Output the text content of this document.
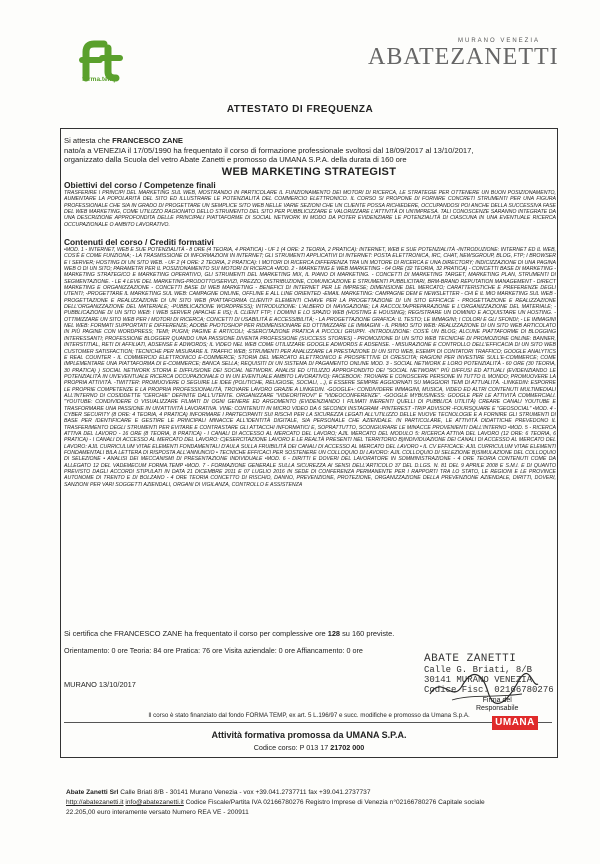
forma.temp
MURANO VENEZIA
ABATEZANETTI
ATTESTATO DI FREQUENZA
Si attesta che FRANCESCO ZANE
nato/a a VENEZIA il 17/05/1990 ha frequentato il corso di formazione professionale svoltosi dal 18/09/2017 al 13/10/2017,
organizzato dalla Scuola del vetro Abate Zanetti e promosso da UMANA S.P.A. della durata di 160 ore
WEB MARKETING STRATEGIST
Obiettivi del corso / Competenze finali
TRASFERIRE I PRINCIPI DEL MARKETING SUL WEB, MOSTRANDO IN PARTICOLARE IL FUNZIONAMENTO DEI MOTORI DI RICERCA, LE STRATEGIE PER OTTENERE UN BUON POSIZIONAMENTO, AUMENTARE LA POPOLARITÀ DEL SITO ED ILLUSTRARE LE POTENZIALITÀ DEL COMMERCIO ELETTRONICO. IL CORSO SI PROPONE DI FORNIRE CONCRETI STRUMENTI PER UNA FIGURA PROFESSIONALE CHE SIA IN GRADO DI PROGETTARE UN SEMPLICE SITO WEB NELLE VARIE SEZIONI CHE UN CLIENTE POSSA RICHIEDERE, OCCUPANDOSI POI ANCHE DELLA SUCCESSIVA FASE DEL WEB MARKETING, COME UTILIZZO RAGIONATO DELLO STRUMENTO DEL SITO PER PUBBLICIZZARE E VALORIZZARE L'ATTIVITÀ DI UN'IMPRESA. TALI CONOSCENZE SARANNO INTEGRATE DA UNA DESCRIZIONE APPROFONDITA DELLE PRINCIPALI PIATTAFORME DI SOCIAL NETWORK IN MODO DA POTER EVIDENZIARE LE POTENZIALITÀ DI CIASCUNA IN UNA EVENTUALE RICERCA OCCUPAZIONALE O AMBITO LAVORATIVO.
Contenuti del corso / Crediti formativi
•MOD. 1 - INTERNET, WEB E SUE POTENZIALITÀ - 8 ORE (4 TEORIA, 4 PRATICA) - UF 1 (4 ORE: 2 TEORIA, 2 PRATICA): INTERNET, WEB E SUE POTENZIALITÀ -INTRODUZIONE: INTERNET ED IL WEB, COS'È E COME FUNZIONA; - LA TRASMISSIONE DI INFORMAZIONI IN INTERNET; GLI STRUMENTI APPLICATIVI DI INTERNET: POSTA ELETTRONICA, IRC, CHAT, NEWSGROUP, BLOG, FTP; I BROWSER E I SERVER; HOSTING DI UN SITO WEB. - UF 2 (4 ORE: 2 TEORIA, 2 PRATICA): I MOTORI DI RICERCA DIFFERENZA TRA UN MOTORE DI RICERCA E UNA DIRECTORY; INDICIZZAZIONE DI UNA PAGINA WEB O DI UN SITO; PARAMETRI PER IL POSIZIONAMENTO SUI MOTORI DI RICERCA •MOD. 2 - MARKETING E WEB MARKETING - 64 ORE (32 TEORIA, 32 PRATICA) - CONCETTI BASE DI MARKETING - MARKETING STRATEGICO E MARKETING OPERATIVO, GLI STRUMENTI DEL MARKETING MIX, IL PIANO DI MARKETING. - CONCETTI DI MARKETING TARGET, MARKETING PLAN, STRUMENTI DI SEGMENTAZIONE. - LE 4 LEVE DEL MARKETING-PRODOTTO/SERVIZI, PREZZO, DISTRIBUZIONE, COMUNICAZIONE E STRUMENTI PUBBLICITARI, BRM-BRAND REPUTATION MANAGEMENT - DIRECT MARKETING E ORGANIZZAZIONE - CONCETTI BASE DI WEB MARKETING - BENEFICI DI INTERNET PER LE IMPRESE; DIMENSIONE DEL MERCATO; CARATTERISTICHE E PREFERENZE DEGLI UTENTI; -PROGETTARE IL MARKETING SUL WEB: CAMPAGNE ONLINE, OFFLINE E ALL LINE ORIENTED -EMAIL MARKETING: CAMPAGNE DEM E NEWSLETTER - CHI È IL MIO MARKETING SUL WEB - PROGETTAZIONE E REALIZZAZIONE DI UN SITO WEB (PIATTAFORMA CLIENTI? ELEMENTI CHIAVE PER LA PROGETTAZIONE DI UN SITO EFFICACE - PROGETTAZIONE E REALIZZAZIONE DELL'ORGANIZZAZIONE DEL MATERIALE; -PUBBLICAZIONE WORDPRESS); INTRODUZIONE: L'ALBERO DI NAVIGAZIONE; LA RACCOLTA/PREPARAZIONE E L'ORGANIZZAZIONE DEL MATERIALE; -PUBBLICAZIONE DI UN SITO WEB: I WEB SERVER (APACHE E IIS); IL CLIENT FTP; I DOMINI E LO SPAZIO WEB (HOSTING E HOUSING); REGISTRARE UN DOMINIO E ACQUISTARE UN HOSTING. - OTTIMIZZARE UN SITO WEB PER I MOTORI DI RICERCA; CONCETTI DI USABILITÀ E ACCESSIBILITÀ; - LA PROGETTAZIONE GRAFICA: IL TESTO; LE IMMAGINI; I COLORI E GLI SFONDI; - LE IMMAGINI NEL WEB: FORMATI SUPPORTATI E DIFFERENZE; ADOBE PHOTOSHOP PER RIDIMENSIONARE ED OTTIMIZZARE LE IMMAGINI - IL PRIMO SITO WEB: REALIZZAZIONE DI UN SITO WEB ARTICOLATO IN PIÙ PAGINE CON WORDPRESS; TEMI; PUGNI; PAGINE E ARTICOLI; -ESERCITAZIONE PRATICA A PICCOLI GRUPPI. -INTRODUZIONE: COS'È UN BLOG; ALCUNE PIATTAFORME DI BLOGGING INTERESSANTI; PROFESSIONE BLOGGER QUANDO UNA PASSIONE DIVENTA PROFESSIONE (SUCCESS STORIES) - PROMOZIONE DI UN SITO WEB TECNICHE DI PROMOZIONE ONLINE: BANNER, INTERSTITIAL, RETI DI AFFILIATI, ADSENSE E ADWORDS; IL VIDEO NEL WEB COME UTILIZZARE GOOGLE ADWORDS E ADSENSE. - MISURAZIONE E CONTROLLO DELL'EFFICACIA DI UN SITO WEB CUSTOMER SATISFACTION; TECNICHE PER MISURARE IL TRAFFIC WEB; STRUMENTI PER ANALIZZARE LA PRESTAZIONE DI UN SITO WEB, ESEMPI DI CONTATORI TRAFFICO; GOOGLE ANALYTICS E REAL COUNTER - IL COMMERCIO ELETTRONICO E-COMMERCE; STORIA DEL MERCATO ELETTRONICO E PROSPETTIVE DI CRESCITA; RAGIONI PER INVESTIRE SULL'E-COMMERCE; COME IMPLEMENTARE UNA PIATTAFORMA DI E-COMMERCE; BANCA SELLA; REQUISITI DI UN SISTEMA DI PAGAMENTO ONLINE MOD. 3 - SOCIAL NETWORK E LORO POTENZIALITÀ - 60 ORE (30 TEORIA, 30 PRATICA) ) SOCIAL NETWORK STORIA E DIFFUSIONE DEI SOCIAL NETWORK. ANALISI ED UTILIZZO APPROFONDITO DEI "SOCIAL NETWORK" PIÙ DIFFUSI ED ATTUALI (EVIDENZIANDO LE POTENZIALITÀ IN UN'EVENTUALE RICERCA OCCUPAZIONALE O IN UN EVENTUALE AMBITO LAVORATIVO): FACEBOOK: TROVARE E CONOSCERE PERSONE IN TUTTO IL MONDO; PROMUOVERE LA PROPRIA ATTIVITÀ. -TWITTER: PROMUOVERE O SEGUIRE LE IDEE (POLITICHE, RELIGIOSE, SOCIALI, ...), E ESSERE SEMPRE AGGIORNATI SU MAGGIORI TEMI DI ATTUALITÀ. -LINKEDIN: ESPORRE LE PROPRIE COMPETENZE E LA PROPRIA PROFESSIONALITÀ, TROVARE LAVORO GRAZIE A LINKEDIN. -GOOGLE+: CONDIVIDERE IMMAGINI, MUSICA, VIDEO ED ALTRI CONTENUTI MULTIMEDIALI ALL'INTERNO DI COSIDDETTE "CERCHIE" DEFINITE DALL'UTENTE. ORGANIZZARE "VIDEORITROVI" E "VIDEOCONFERENZE". -GOOGLE MYBUSINESS: GOOGLE PER LE ATTIVITÀ COMMERCIALI. "YOUTUBE: CONDIVIDERE O VISUALIZZARE FILMATI DI OGNI GENERE ED ARGOMENTO (EVIDENZIANDO I FILMATI INERENTI QUELLI DI PUBBLICA UTILITÀ) CREARE CANALI YOUTUBE E TRASFORMARE UNA PASSIONE IN UN'ATTIVITÀ LAVORATIVA. VINE: CONTENUTI IN MICRO VIDEO DA 6 SECONDI INSTAGRAM -PINTEREST -TRIP ADVISOR -FOURSQUARE E "GEOSOCIAL" •MOD. 4 - CYBER SECURITY (8 ORE: 4 TEORIA, 4 PRATICA) INFORMARE I PARTECIPANTI SUI RISCHI PER LA SICUREZZA LEGATI ALL'UTILIZZO DELLE NUOVE TECNOLOGIE E A FORNIRE GLI STRUMENTI DI BASE PER IDENTIFICARE E GESTIRE LE PRINCIPALI MINACCE ALL'IDENTITÀ DIGITALE, SIA PERSONALE CHE AZIENDALE. IN PARTICOLARE, LE ATTIVITÀ DIDATTICHE PREVEDONO IL TRASFERIMENTO DEGLI STRUMENTI PER EVITARE E CONTRASTARE GLI ATTACCHI INFORMATICI E, SOPRATTUTTO, SCONGIURARE LE MINACCE PROVENIENTI DALL'INTERNO •MOD. 5 - RICERCA ATTIVA DEL LAVORO - 16 ORE (8 TEORIA, 8 PRATICA) - I CANALI DI ACCESSO AL MERCATO DEL LAVORO; AJIL MERCATO DEL MODULO 5: RICERCA ATTIVA DEL LAVORO (12 ORE: 6 TEORIA, 6 PRATICA) - I CANALI DI ACCESSO AL MERCATO DEL LAVORO: C)ESERCITAZIONE LAVORO E LE REALTÀ PRESENTI NEL TERRITORIO B)INDIVIDUAZIONE DEI CANALI DI ACCESSO AL MERCATO DEL LAVORO: AJIL CURRICULUM VITAE ELEMENTI FONDAMENTALI D'AULA SULLA FRUIBILITÀ DEI CANALI DI ACCESSO AL MERCATO DEL LAVORO • IL CV EFFICACE: AJIL CURRICULUM VITAE ELEMENTI FONDAMENTALI BILA LETTERA DI RISPOSTA ALL'ANNUNCIO • TECNICHE EFFICACI PER SOSTENERE UN COLLOQUIO DI LAVORO: AJIL COLLOQUIO DI SELEZIONE B)SIMULAZIONE DEL COLLOQUIO DI SELEZIONE • ANALISI DEI MECCANISMI DI PRESENTAZIONE INDIVIDUALE •MOD. 6 - DIRITTI E DOVERI DEL LAVORATORE IN SOMMINISTRAZIONE - 4 ORE TEORIA CONTENUTI COME DA ALLEGATO 12 DEL VADEMECUM FORMA.TEMP •MOD. 7 - FORMAZIONE GENERALE SULLA SICUREZZA AI SENSI DELL'ARTICOLO 37 DEL D.LGS. N. 81 DEL 9 APRILE 2008 E S.M.I. E DI QUANTO PREVISTO DAGLI ACCORDI STIPULATI IN DATA 21 DICEMBRE 2011 E 07 LUGLIO 2016 IN SEDE DI CONFERENZA PERMANENTE PER I RAPPORTI TRA LO STATO, LE REGIONI E LE PROVINCE AUTONOME DI TRENTO E DI BOLZANO - 4 ORE TEORIA CONCETTO DI RISCHIO, DANNO, PREVENZIONE, PROTEZIONE, ORGANIZZAZIONE DELLA PREVENZIONE AZIENDALE, DIRITTI, DOVERI, SANZIONI PER VARI SOGGETTI AZIENDALI, ORGANI DI VIGILANZA, CONTROLLO E ASSISTENZA
Si certifica che FRANCESCO ZANE ha frequentato il corso per complessive ore 128 su 160 previste.
Orientamento: 0 ore Teoria: 84 ore Pratica: 76 ore Visita aziendale: 0 ore Affiancamento: 0 ore
MURANO 13/10/2017
ABATE ZANETTI
Calle G. Briati, 8/B
30141 MURANO VENEZIA
Codice Fisc. 02166780276
Firma del
Responsabile
Il corso è stato finanziato dal fondo FORMA TEMP, ex art. 5 L.196/97 e succ. modifiche e promosso da Umana S.p.A.
UMANA
Attività formativa promossa da UMANA S.P.A.
Codice corso: P 013 17 21702 000
Abate Zanetti Srl Calle Briati 8/B - 30141 Murano Venezia - vox +39.041.2737711 fax +39.041.2737737
http://abatezanetti.it info@abatezanetti.it Codice Fiscale/Partita IVA 02166780276 Registro Imprese di Venezia n°02166780276 Capitale sociale
22.205,00 euro interamente versato Numero REA VE - 200911
